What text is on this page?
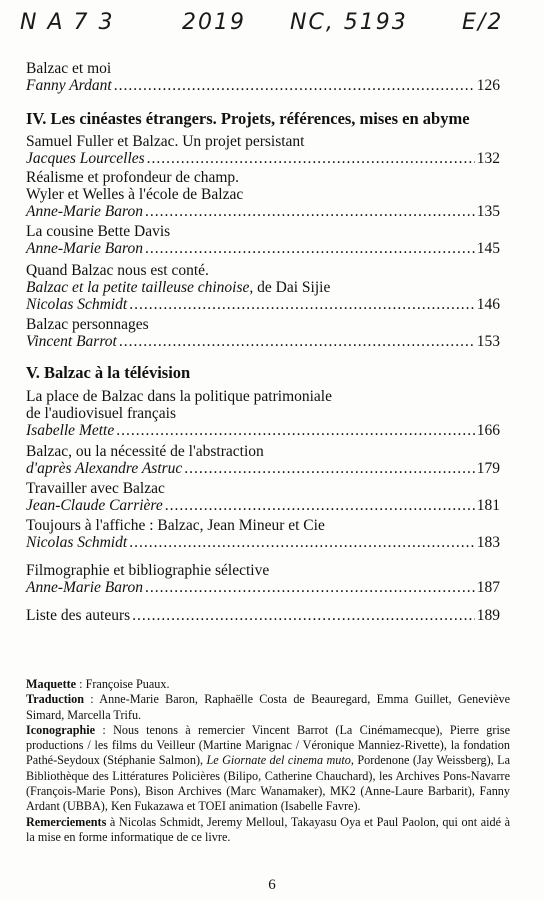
N A 7 3	2019 NC, 5193 E/2
Balzac et moi
Fanny Ardant .....	126
IV. Les cinéastes étrangers. Projets, références, mises en abyme
Samuel Fuller et Balzac. Un projet persistant
Jacques Lourcelles .....	132
Réalisme et profondeur de champ.
Wyler et Welles à l'école de Balzac
Anne-Marie Baron .....	135
La cousine Bette Davis
Anne-Marie Baron .....	145
Quand Balzac nous est conté.
Balzac et la petite tailleuse chinoise, de Dai Sijie
Nicolas Schmidt .....	146
Balzac personnages
Vincent Barrot .....	153
V. Balzac à la télévision
La place de Balzac dans la politique patrimoniale
de l'audiovisuel français
Isabelle Mette .....	166
Balzac, ou la nécessité de l'abstraction
d'après Alexandre Astruc .....	179
Travailler avec Balzac
Jean-Claude Carrière .....	181
Toujours à l'affiche : Balzac, Jean Mineur et Cie
Nicolas Schmidt .....	183
Filmographie et bibliographie sélective
Anne-Marie Baron .....	187
Liste des auteurs .....	189

Maquette : Françoise Puaux.

Traduction : Anne-Marie Baron, Raphaëlle Costa de Beauregard, Emma Guillet, Geneviève Simard, Marcella Trifu.

Iconographie : Nous tenons à remercier Vincent Barrot (La Cinémamecque), Pierre grise productions / les films du Veilleur (Martine Marignac / Véronique Manniez-Rivette), la fondation Pathé-Seydoux (Stéphanie Salmon), Le Giornate del cinema muto, Pordenone (Jay Weissberg), La Bibliothèque des Littératures Policières (Bilipo, Catherine Chauchard), les Archives Pons-Navarre (François-Marie Pons), Bison Archives (Marc Wanamaker), MK2 (Anne-Laure Barbarit), Fanny Ardant (UBBA), Ken Fukazawa et TOEI animation (Isabelle Favre).

Remerciements à Nicolas Schmidt, Jeremy Melloul, Takayasu Oya et Paul Paolon, qui ont aidé à la mise en forme informatique de ce livre.

6
